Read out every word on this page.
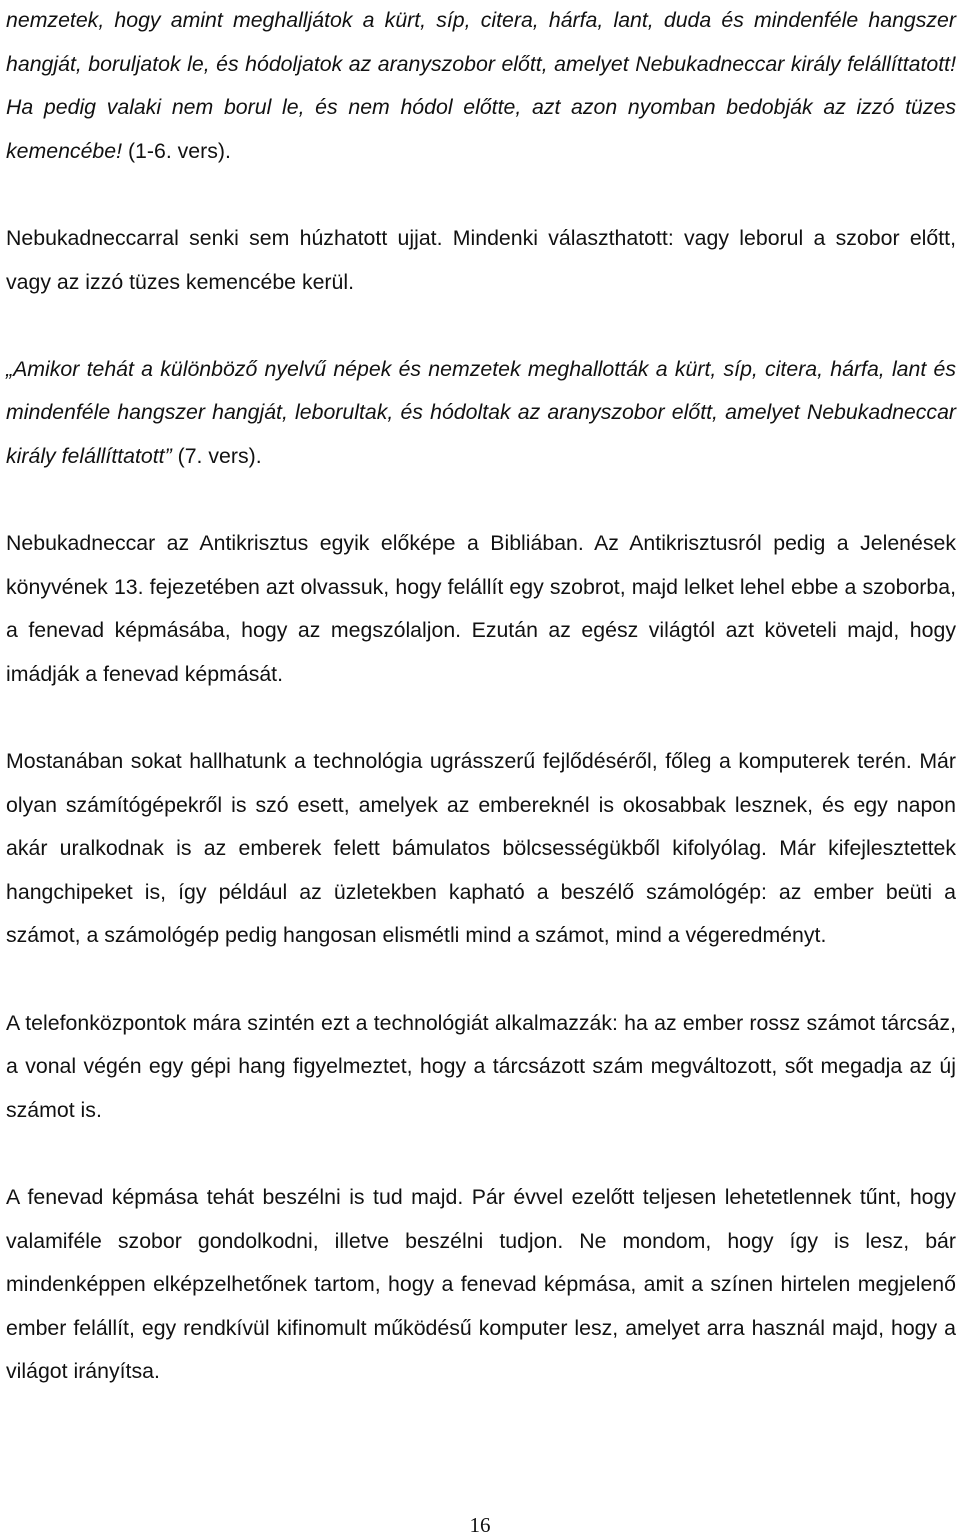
nemzetek, hogy amint meghalljátok a kürt, síp, citera, hárfa, lant, duda és mindenféle hangszer hangját, boruljatok le, és hódoljatok az aranyszobor előtt, amelyet Nebukadneccar király felállíttatott! Ha pedig valaki nem borul le, és nem hódol előtte, azt azon nyomban bedobják az izzó tüzes kemencébe! (1-6. vers).

Nebukadneccarral senki sem húzhatott ujjat. Mindenki választhatott: vagy leborul a szobor előtt, vagy az izzó tüzes kemencébe kerül.

„Amikor tehát a különböző nyelvű népek és nemzetek meghallották a kürt, síp, citera, hárfa, lant és mindenféle hangszer hangját, leborultak, és hódoltak az aranyszobor előtt, amelyet Nebukadneccar király felállíttatott” (7. vers).

Nebukadneccar az Antikrisztus egyik előképe a Bibliában. Az Antikrisztusról pedig a Jelenések könyvének 13. fejezetében azt olvassuk, hogy felállít egy szobrot, majd lelket lehel ebbe a szoborba, a fenevad képmásába, hogy az megszólaljon. Ezután az egész világtól azt követeli majd, hogy imádják a fenevad képmását.

Mostanában sokat hallhatunk a technológia ugrásszerű fejlődéséről, főleg a komputerek terén. Már olyan számítógépekről is szó esett, amelyek az embereknél is okosabbak lesznek, és egy napon akár uralkodnak is az emberek felett bámulatos bölcsességükből kifolyólag. Már kifejlesztettek hangchipeket is, így például az üzletekben kapható a beszélő számológép: az ember beüti a számot, a számológép pedig hangosan elismétli mind a számot, mind a végeredményt.

A telefonközpontok mára szintén ezt a technológiát alkalmazzák: ha az ember rossz számot tárcsáz, a vonal végén egy gépi hang figyelmeztet, hogy a tárcsázott szám megváltozott, sőt megadja az új számot is.

A fenevad képmása tehát beszélni is tud majd. Pár évvel ezelőtt teljesen lehetetlennek tűnt, hogy valamiféle szobor gondolkodni, illetve beszélni tudjon. Ne mondom, hogy így is lesz, bár mindenképpen elképzelhetőnek tartom, hogy a fenevad képmása, amit a színen hirtelen megjelenő ember felállít, egy rendkívül kifinomult működésű komputer lesz, amelyet arra használ majd, hogy a világot irányítsa.

16
